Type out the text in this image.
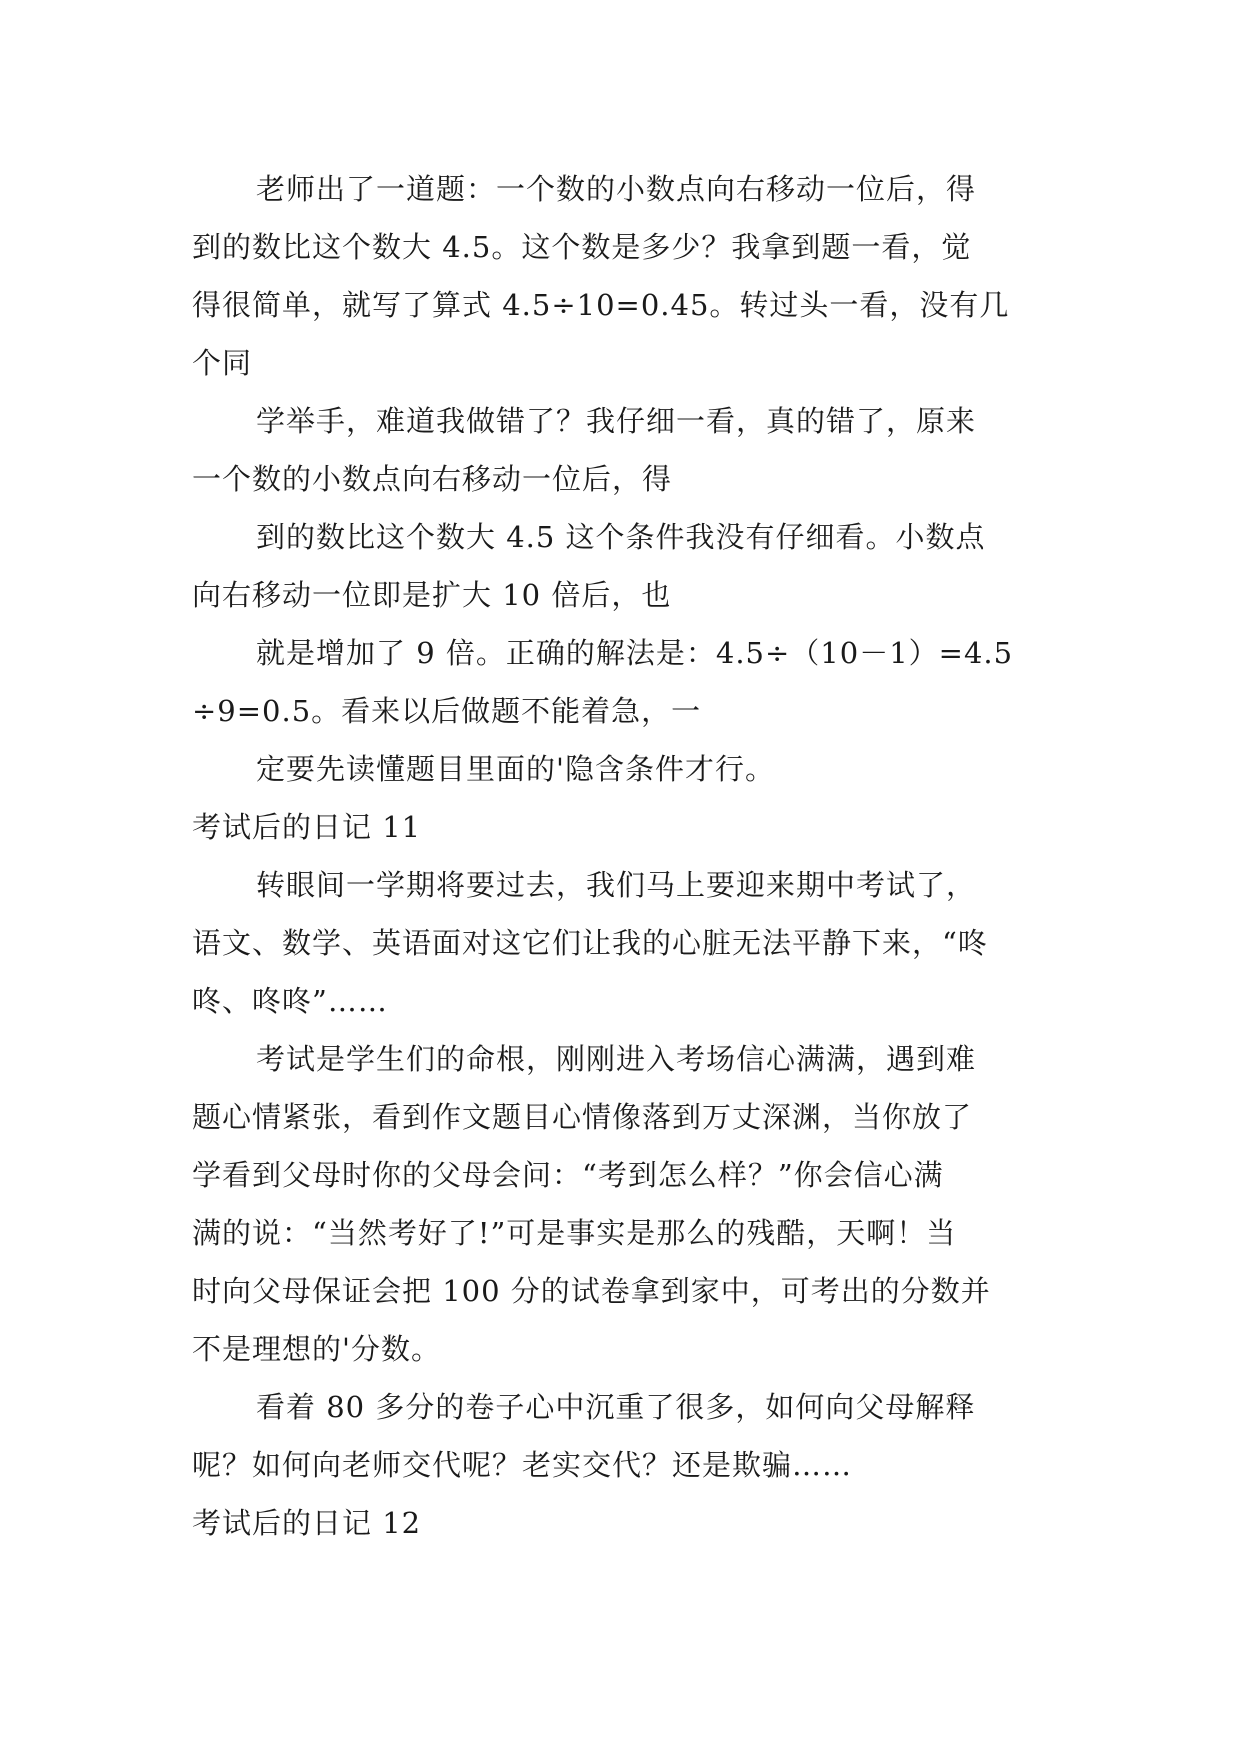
老师出了一道题：一个数的小数点向右移动一位后，得
到的数比这个数大 4.5。这个数是多少？我拿到题一看，觉
得很简单，就写了算式 4.5÷10=0.45。转过头一看，没有几
个同
学举手，难道我做错了？我仔细一看，真的错了，原来
一个数的小数点向右移动一位后，得
到的数比这个数大 4.5 这个条件我没有仔细看。小数点
向右移动一位即是扩大 10 倍后，也
就是增加了 9 倍。正确的解法是：4.5÷（10－1）=4.5
÷9=0.5。看来以后做题不能着急，一
定要先读懂题目里面的'隐含条件才行。
考试后的日记 11
转眼间一学期将要过去，我们马上要迎来期中考试了，
语文、数学、英语面对这它们让我的心脏无法平静下来，“咚
咚、咚咚”……
考试是学生们的命根，刚刚进入考场信心满满，遇到难
题心情紧张，看到作文题目心情像落到万丈深渊，当你放了
学看到父母时你的父母会问：“考到怎么样？”你会信心满
满的说：“当然考好了!”可是事实是那么的残酷，天啊！当
时向父母保证会把 100 分的试卷拿到家中，可考出的分数并
不是理想的'分数。
看着 80 多分的卷子心中沉重了很多，如何向父母解释
呢？如何向老师交代呢？老实交代？还是欺骗……
考试后的日记 12
